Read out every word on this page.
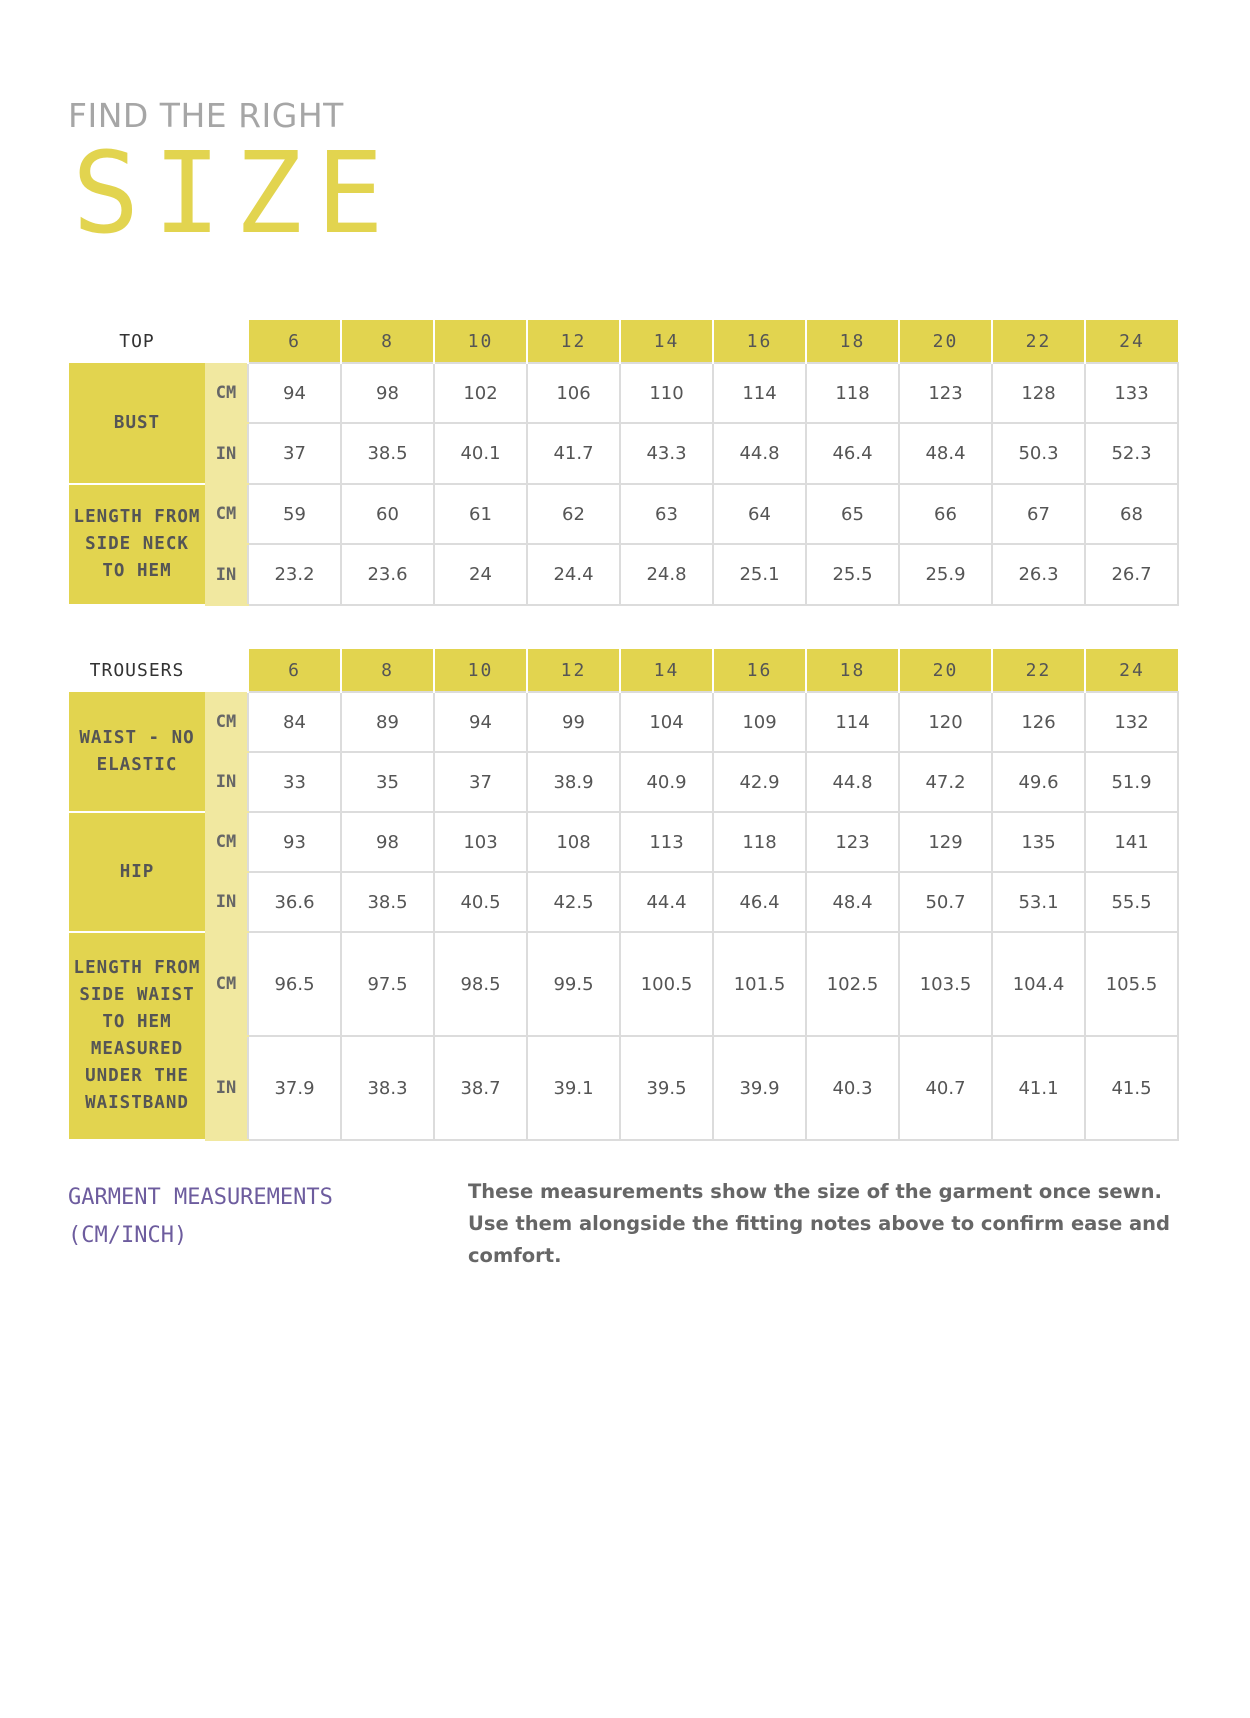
FIND THE RIGHT
SIZE
TOP		6	8	10	12	14	16	18	20	22	24
BUST	CM	94	98	102	106	110	114	118	123	128	133
	IN	37	38.5	40.1	41.7	43.3	44.8	46.4	48.4	50.3	52.3
LENGTH FROM SIDE NECK TO HEM	CM	59	60	61	62	63	64	65	66	67	68
	IN	23.2	23.6	24	24.4	24.8	25.1	25.5	25.9	26.3	26.7
TROUSERS		6	8	10	12	14	16	18	20	22	24
WAIST - NO ELASTIC	CM	84	89	94	99	104	109	114	120	126	132
	IN	33	35	37	38.9	40.9	42.9	44.8	47.2	49.6	51.9
HIP	CM	93	98	103	108	113	118	123	129	135	141
	IN	36.6	38.5	40.5	42.5	44.4	46.4	48.4	50.7	53.1	55.5
LENGTH FROM SIDE WAIST TO HEM MEASURED UNDER THE WAISTBAND	CM	96.5	97.5	98.5	99.5	100.5	101.5	102.5	103.5	104.4	105.5
	IN	37.9	38.3	38.7	39.1	39.5	39.9	40.3	40.7	41.1	41.5
GARMENT MEASUREMENTS (CM/INCH)
These measurements show the size of the garment once sewn. Use them alongside the fitting notes above to confirm ease and comfort.
